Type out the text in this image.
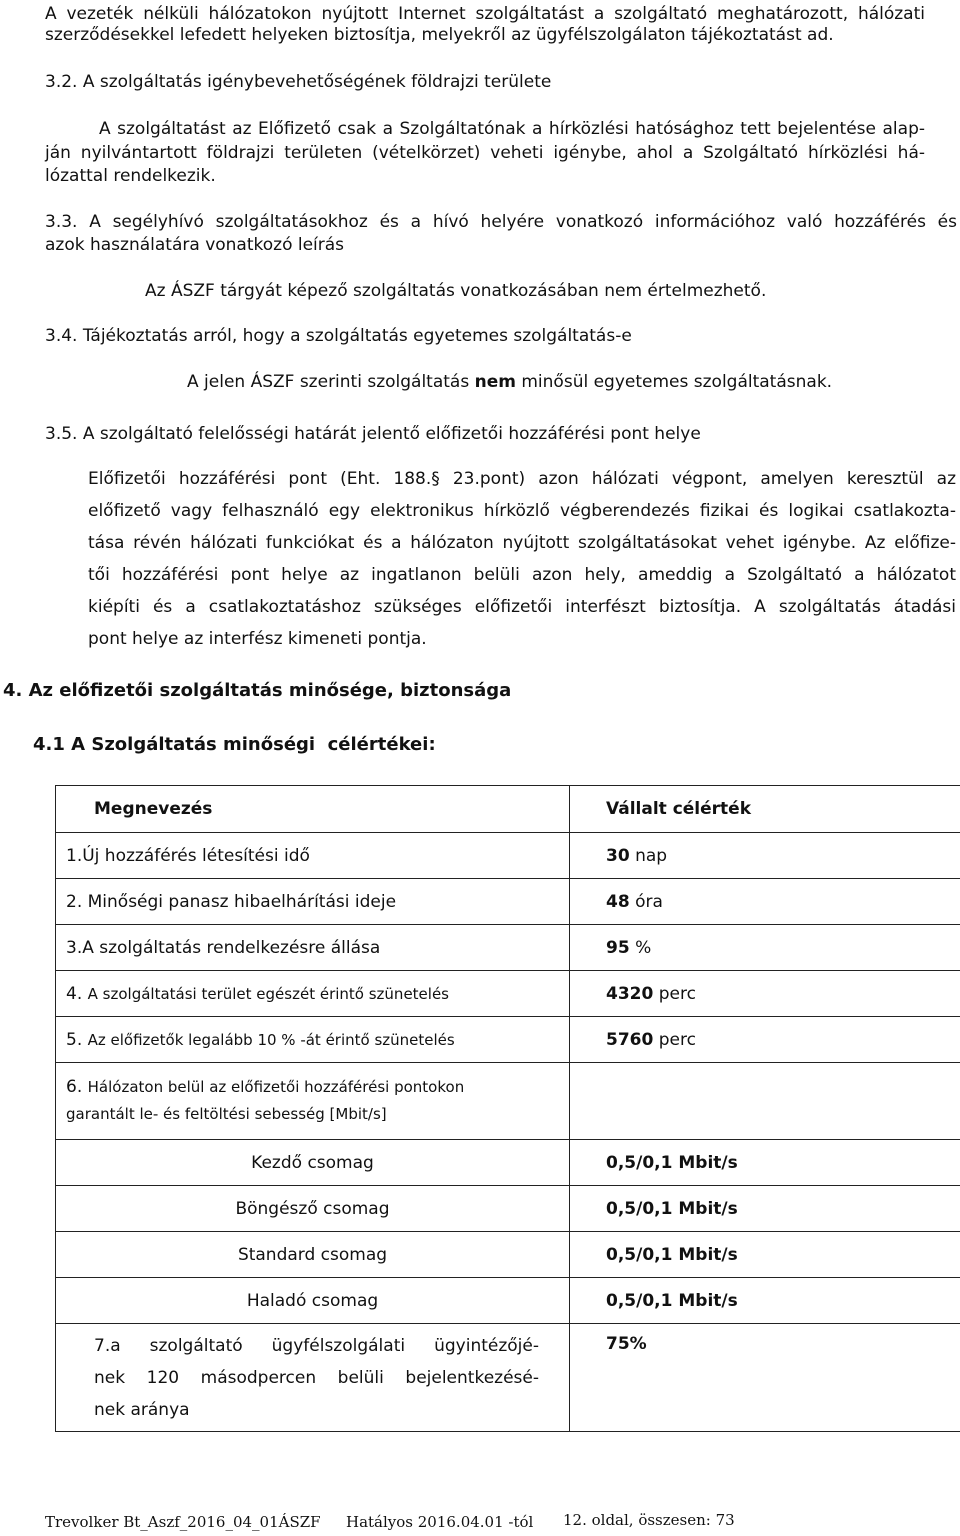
A vezeték nélküli hálózatokon nyújtott Internet szolgáltatást a szolgáltató meghatározott, hálózati
szerződésekkel lefedett helyeken biztosítja, melyekről az ügyfélszolgálaton tájékoztatást ad.
3.2. A szolgáltatás igénybevehetőségének földrajzi területe
A szolgáltatást az Előfizető csak a Szolgáltatónak a hírközlési hatósághoz tett bejelentése alap-
ján nyilvántartott földrajzi területen (vételkörzet) veheti igénybe, ahol a Szolgáltató hírközlési há-
lózattal rendelkezik.
3.3. A segélyhívó szolgáltatásokhoz és a hívó helyére vonatkozó információhoz való hozzáférés és
azok használatára vonatkozó leírás
Az ÁSZF tárgyát képező szolgáltatás vonatkozásában nem értelmezhető.
3.4. Tájékoztatás arról, hogy a szolgáltatás egyetemes szolgáltatás-e
A jelen ÁSZF szerinti szolgáltatás nem minősül egyetemes szolgáltatásnak.
3.5. A szolgáltató felelősségi határát jelentő előfizetői hozzáférési pont helye
Előfizetői hozzáférési pont (Eht. 188.§ 23.pont) azon hálózati végpont, amelyen keresztül az
előfizető vagy felhasználó egy elektronikus hírközlő végberendezés fizikai és logikai csatlakozta-
tása révén hálózati funkciókat és a hálózaton nyújtott szolgáltatásokat vehet igénybe. Az előfize-
tői hozzáférési pont helye az ingatlanon belüli azon hely, ameddig a Szolgáltató a hálózatot
kiépíti és a csatlakoztatáshoz szükséges előfizetői interfészt biztosítja. A szolgáltatás átadási
pont helye az interfész kimeneti pontja.
4. Az előfizetői szolgáltatás minősége, biztonsága
4.1 A Szolgáltatás minőségi  célértékei:
Megnevezés	Vállalt célérték
1.Új hozzáférés létesítési idő	30 nap
2. Minőségi panasz hibaelhárítási ideje	48 óra
3.A szolgáltatás rendelkezésre állása	95 %
4. A szolgáltatási terület egészét érintő szünetelés	4320 perc
5. Az előfizetők legalább 10 % -át érintő szünetelés	5760 perc
6. Hálózaton belül az előfizetői hozzáférési pontokon
garantált le- és feltöltési sebesség [Mbit/s]	
Kezdő csomag	0,5/0,1 Mbit/s
Böngésző csomag	0,5/0,1 Mbit/s
Standard csomag	0,5/0,1 Mbit/s
Haladó csomag	0,5/0,1 Mbit/s

7.a szolgáltató ügyfélszolgálati ügyintézőjé-
nek 120 másodpercen belüli bejelentkezésé-
nek aránya	75%
Trevolker Bt_Aszf_2016_04_01ÁSZF Hatályos 2016.04.01 -tól 12. oldal, összesen: 73
